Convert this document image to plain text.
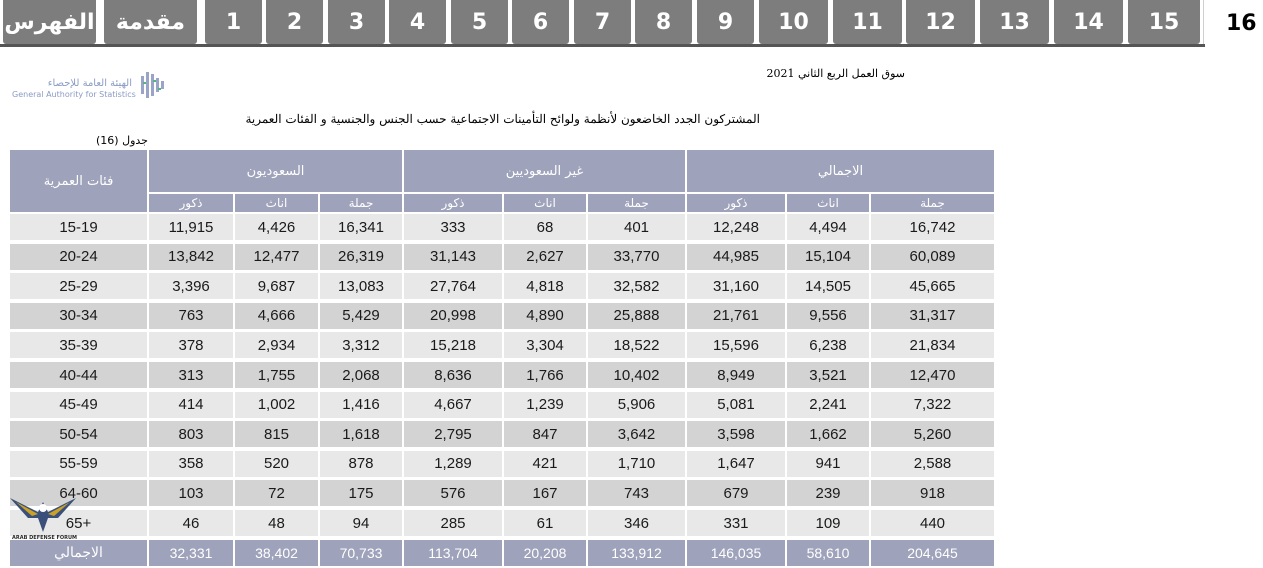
الفهرس مقدمة	1	2	3	4	5	6	7	8	9	10	11	12	13	14	15	16
الهيئة العامة للإحصاء
General Authority for Statistics
سوق العمل الربع الثاني 2021
المشتركون الجدد الخاضعون لأنظمة ولوائح التأمينات الاجتماعية حسب الجنس والجنسية و الفئات العمرية
جدول (16)
فئات العمرية
السعوديون	غير السعوديين	الاجمالي
ذكور	اناث	جملة	ذكور	اناث	جملة	ذكور	اناث	جملة
15-19	11,915	4,426	16,341	333	68	401	12,248	4,494	16,742
20-24	13,842	12,477	26,319	31,143	2,627	33,770	44,985	15,104	60,089
25-29	3,396	9,687	13,083	27,764	4,818	32,582	31,160	14,505	45,665
30-34	763	4,666	5,429	20,998	4,890	25,888	21,761	9,556	31,317
35-39	378	2,934	3,312	15,218	3,304	18,522	15,596	6,238	21,834
40-44	313	1,755	2,068	8,636	1,766	10,402	8,949	3,521	12,470
45-49	414	1,002	1,416	4,667	1,239	5,906	5,081	2,241	7,322
50-54	803	815	1,618	2,795	847	3,642	3,598	1,662	5,260
55-59	358	520	878	1,289	421	1,710	1,647	941	2,588
64-60	103	72	175	576	167	743	679	239	918
65+	46	48	94	285	61	346	331	109	440
الاجمالي	32,331	38,402	70,733	113,704	20,208	133,912	146,035	58,610	204,645
ARAB DEFENSE FORUM
